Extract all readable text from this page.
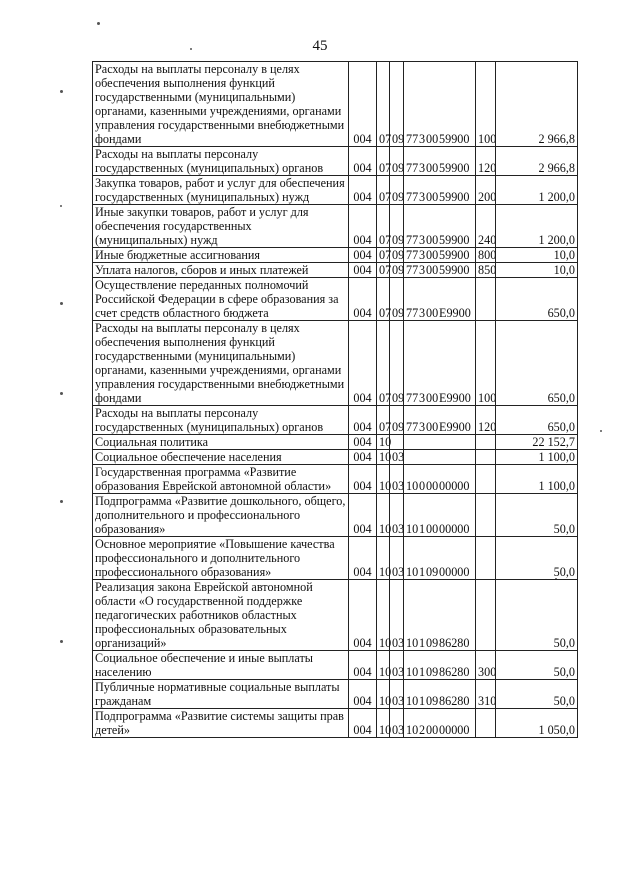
45
Расходы на выплаты персоналу в целях обеспечения выполнения функций государственными (муниципальными) органами, казенными учреждениями, органами управления государственными внебюджетными фондами	004	07	09	77 3 00 59900	100	2 966,8
Расходы на выплаты персоналу государственных (муниципальных) органов	004	07	09	77 3 00 59900	120	2 966,8
Закупка товаров, работ и услуг для обеспечения государственных (муниципальных) нужд	004	07	09	77 3 00 59900	200	1 200,0
Иные закупки товаров, работ и услуг для обеспечения государственных (муниципальных) нужд	004	07	09	77 3 00 59900	240	1 200,0
Иные бюджетные ассигнования	004	07	09	77 3 00 59900	800	10,0
Уплата налогов, сборов и иных платежей	004	07	09	77 3 00 59900	850	10,0
Осуществление переданных полномочий Российской Федерации в сфере образования за счет средств областного бюджета	004	07	09	77 3 00 Е9900		650,0
Расходы на выплаты персоналу в целях обеспечения выполнения функций государственными (муниципальными) органами, казенными учреждениями, органами управления государственными внебюджетными фондами	004	07	09	77 3 00 Е9900	100	650,0
Расходы на выплаты персоналу государственных (муниципальных) органов	004	07	09	77 3 00 Е9900	120	650,0
Социальная политика	004	10				22 152,7
Социальное обеспечение населения	004	10	03			1 100,0
Государственная программа «Развитие образования Еврейской автономной области»	004	10	03	10 0 00 00000		1 100,0
Подпрограмма «Развитие дошкольного, общего, дополнительного и профессионального образования»	004	10	03	10 1 00 00000		50,0
Основное мероприятие «Повышение качества профессионального и дополнительного профессионального образования»	004	10	03	10 1 09 00000		50,0
Реализация закона Еврейской автономной области «О государственной поддержке педагогических работников областных профессиональных образовательных организаций»	004	10	03	10 1 09 86280		50,0
Социальное обеспечение и иные выплаты населению	004	10	03	10 1 09 86280	300	50,0
Публичные нормативные социальные выплаты гражданам	004	10	03	10 1 09 86280	310	50,0
Подпрограмма «Развитие системы защиты прав детей»	004	10	03	10 2 00 00000		1 050,0
